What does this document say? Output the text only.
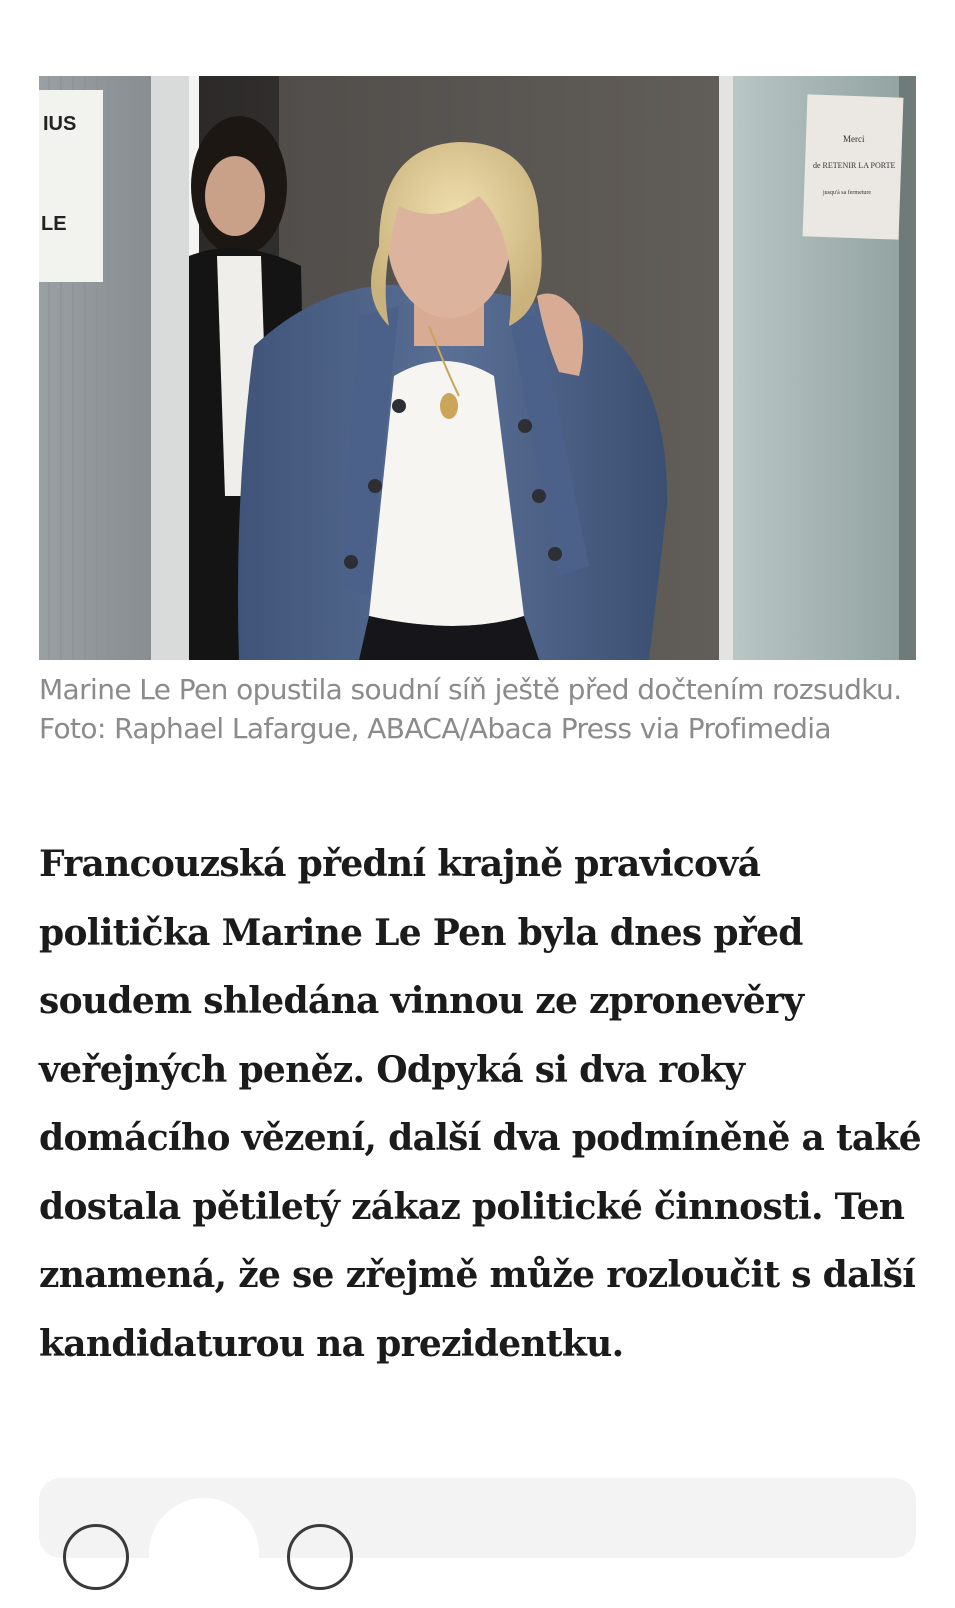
IUS
LE
Merci
de RETENIR LA PORTE
jusqu'à sa fermeture

Marine Le Pen opustila soudní síň ještě před dočtením rozsudku. Foto: Raphael Lafargue, ABACA/Abaca Press via Profimedia

Francouzská přední krajně pravicová politička Marine Le Pen byla dnes před soudem shledána vinnou ze zpronevěry veřejných peněz. Odpyká si dva roky domácího vězení, další dva podmíněně a také dostala pětiletý zákaz politické činnosti. Ten znamená, že se zřejmě může rozloučit s další kandidaturou na prezidentku.
